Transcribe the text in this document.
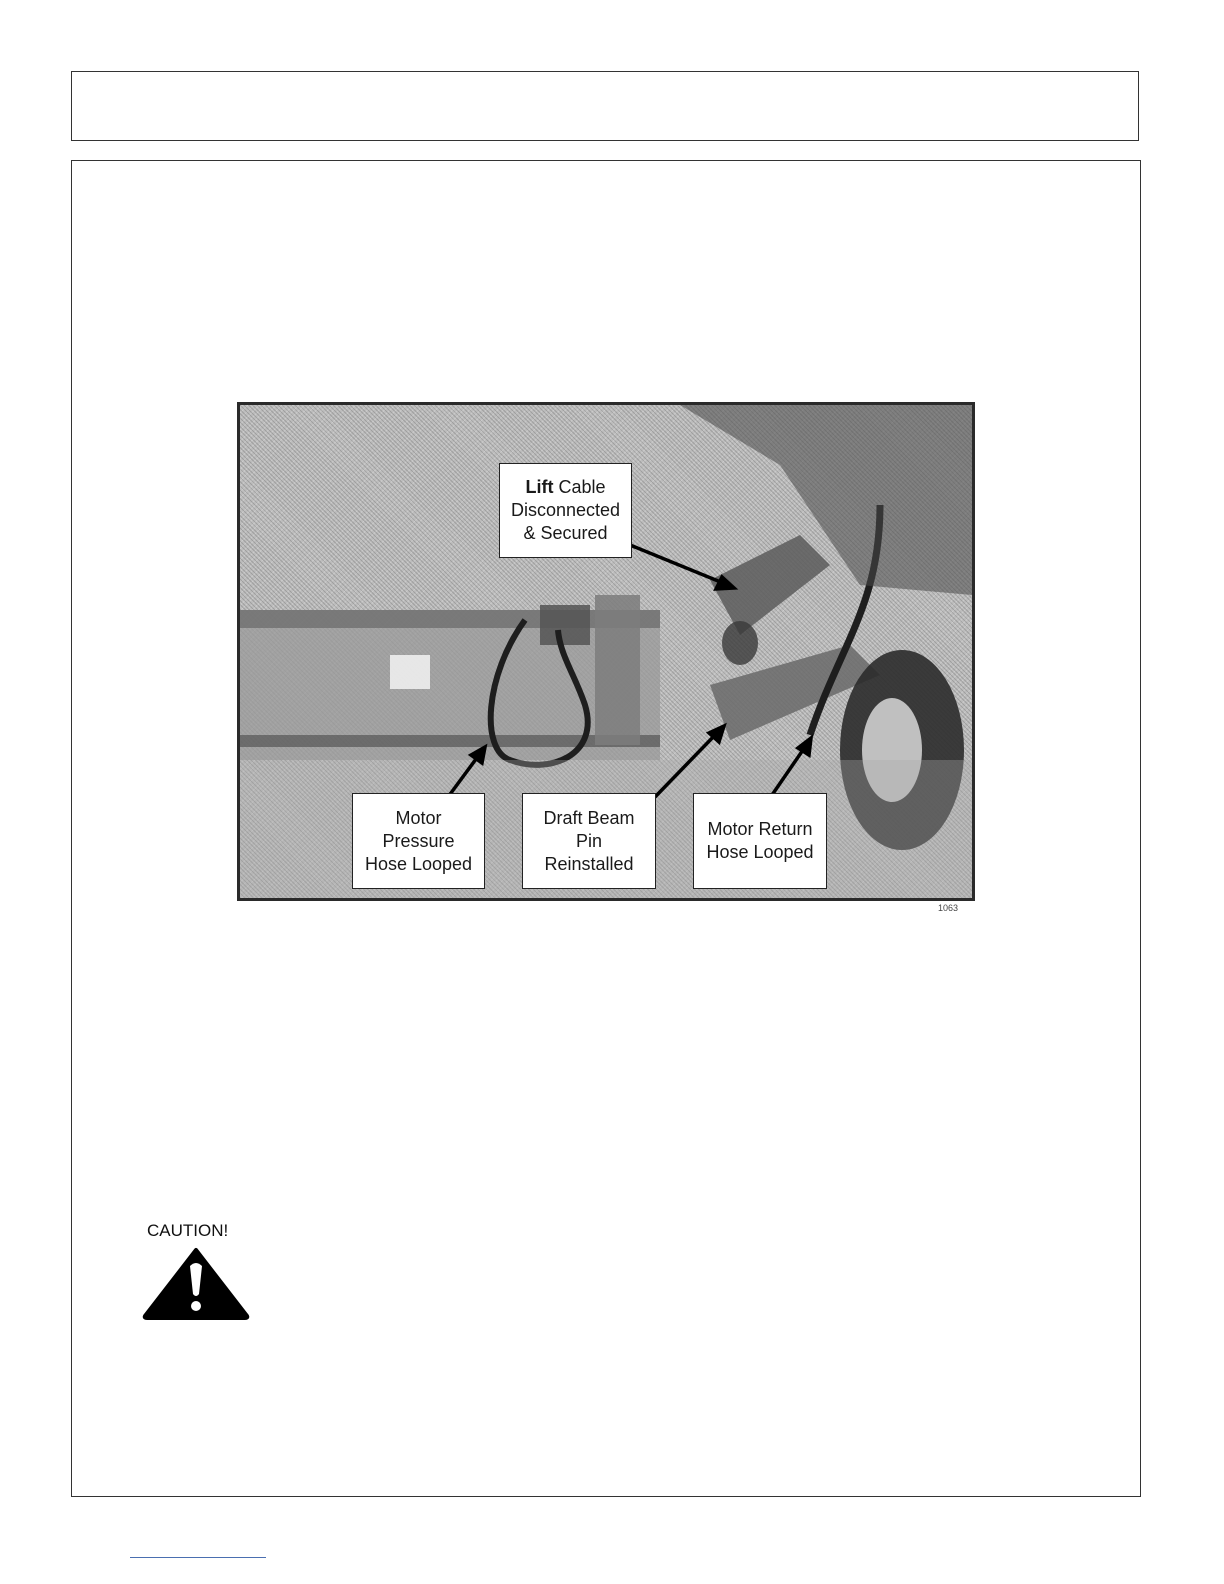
Lift Cable
Disconnected
& Secured
Motor
Pressure
Hose Looped
Draft Beam
Pin
Reinstalled
Motor Return
Hose Looped
1063
CAUTION!
